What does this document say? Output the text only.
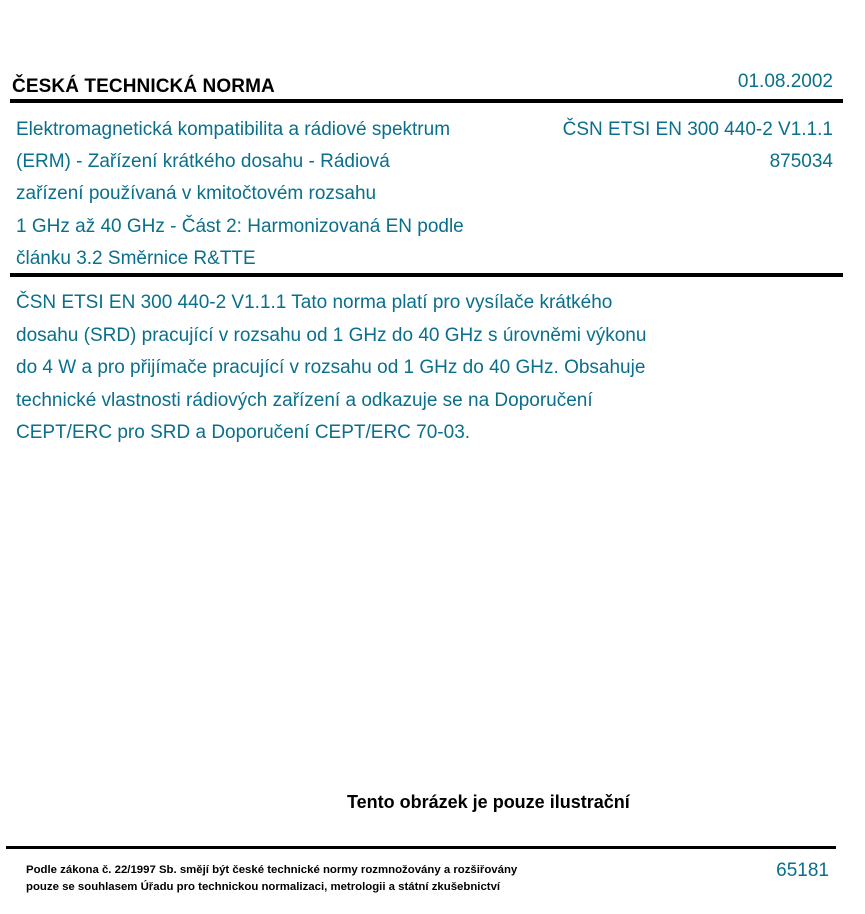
ČESKÁ TECHNICKÁ NORMA	01.08.2002
Elektromagnetická kompatibilita a rádiové spektrum
(ERM) - Zařízení krátkého dosahu - Rádiová
zařízení používaná v kmitočtovém rozsahu
1 GHz až 40 GHz - Část 2: Harmonizovaná EN podle
článku 3.2 Směrnice R&TTE
ČSN ETSI EN 300 440-2 V1.1.1
875034
ČSN ETSI EN 300 440-2 V1.1.1 Tato norma platí pro vysílače krátkého
dosahu (SRD) pracující v rozsahu od 1 GHz do 40 GHz s úrovněmi výkonu
do 4 W a pro přijímače pracující v rozsahu od 1 GHz do 40 GHz. Obsahuje
technické vlastnosti rádiových zařízení a odkazuje se na Doporučení
CEPT/ERC pro SRD a Doporučení CEPT/ERC 70-03.
Tento obrázek je pouze ilustrační
Podle zákona č. 22/1997 Sb. smějí být české technické normy rozmnožovány a rozšiřovány
pouze se souhlasem Úřadu pro technickou normalizaci, metrologii a státní zkušebnictví
65181
